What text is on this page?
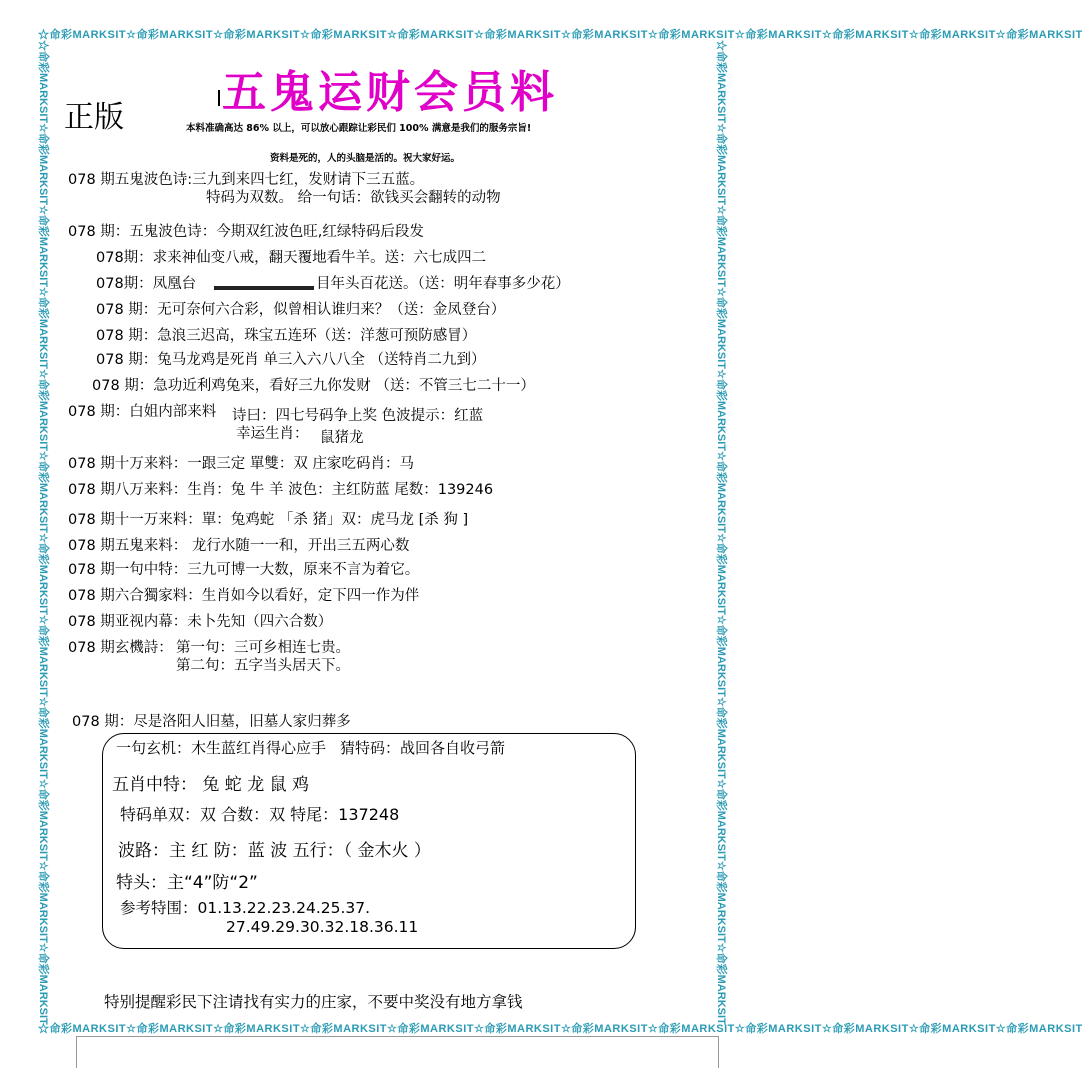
☆命彩MARKSIT☆命彩MARKSIT☆命彩MARKSIT☆命彩MARKSIT☆命彩MARKSIT☆命彩MARKSIT☆命彩MARKSIT☆命彩MARKSIT☆命彩MARKSIT☆命彩MARKSIT☆命彩MARKSIT☆命彩MARKSIT
☆命彩MARKSIT☆命彩MARKSIT☆命彩MARKSIT☆命彩MARKSIT☆命彩MARKSIT☆命彩MARKSIT☆命彩MARKSIT☆命彩MARKSIT☆命彩MARKSIT☆命彩MARKSIT☆命彩MARKSIT☆命彩MARKSIT
☆命彩MARKSIT☆命彩MARKSIT☆命彩MARKSIT☆命彩MARKSIT☆命彩MARKSIT☆命彩MARKSIT☆命彩MARKSIT☆命彩MARKSIT☆命彩MARKSIT☆命彩MARKSIT☆命彩MARKSIT☆命彩MARKSIT	☆命彩MARKSIT☆命彩MARKSIT☆命彩MARKSIT☆命彩MARKSIT☆命彩MARKSIT☆命彩MARKSIT☆命彩MARKSIT☆命彩MARKSIT☆命彩MARKSIT☆命彩MARKSIT☆命彩MARKSIT☆命彩MARKSIT
五鬼运财会员料
正版	本料准确高达 86% 以上，可以放心跟踪让彩民们 100% 满意是我们的服务宗旨!
资料是死的，人的头脑是活的。祝大家好运。
078 期五鬼波色诗:三九到来四七红，发财请下三五蓝。
特码为双数。 给一句话：欲钱买会翻转的动物
078 期：五鬼波色诗：今期双红波色旺,红绿特码后段发
078期：求来神仙变八戒，翻天覆地看牛羊。送：六七成四二
078期：凤凰台	目年头百花送。（送：明年春事多少花）
078 期：无可奈何六合彩，似曾相认谁归来？（送：金凤登台）
078 期：急浪三迟高，珠宝五连环（送：洋葱可预防感冒）
078 期：兔马龙鸡是死肖 单三入六八八全 （送特肖二九到）
078 期：急功近利鸡兔来，看好三九你发财 （送：不管三七二十一）
078 期：白姐内部来料 诗曰：四七号码争上奖 色波提示：红蓝
幸运生肖： 鼠猪龙
078 期十万来料：一跟三定 單雙：双 庄家吃码肖：马
078 期八万来料：生肖：兔 牛 羊 波色：主红防蓝 尾数：139246
078 期十一万来料：單：兔鸡蛇 「杀 猪」双：虎马龙 [杀 狗 ]
078 期五鬼来料： 龙行水随一一和，开出三五两心数
078 期一句中特：三九可博一大数，原来不言为着它。
078 期六合獨家料：生肖如今以看好，定下四一作为伴
078 期亚视内幕：未卜先知（四六合数）
078 期玄機詩： 第一句：三可乡相连七贵。
第二句：五字当头居天下。
078 期：尽是洛阳人旧墓，旧墓人家归葬多
一句玄机：木生蓝红肖得心应手 猜特码：战回各自收弓箭
五肖中特： 兔 蛇 龙 鼠 鸡
特码单双：双 合数：双 特尾：137248
波路：主 红 防：蓝 波 五行：（ 金木火 ）
特头：主“4”防“2”
参考特围：01.13.22.23.24.25.37.
27.49.29.30.32.18.36.11
特别提醒彩民下注请找有实力的庄家，不要中奖没有地方拿钱
